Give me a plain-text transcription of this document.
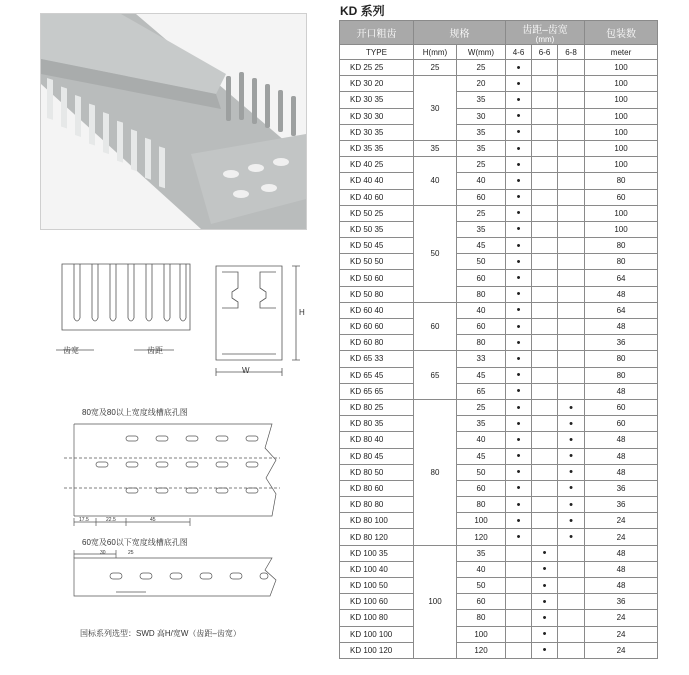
齿宽	齿距
H
W
80宽及80以上宽度线槽底孔图
17.5	22.5	45
60宽及60以下宽度线槽底孔图
30	25
国标系列选型：SWD 高H/宽W（齿距–齿宽）
KD 系列
开口粗齿	规格		齿距–齿宽
(mm)			包装数
TYPE	H(mm)	W(mm)	4-6	6-6	6-8	meter
KD 25 25	25	25	•			100
KD 30 20	30	20	•			100
KD 30 35		35	•			100
KD 30 30		30	•			100
KD 30 35		35	•			100
KD 35 35	35	35	•			100
KD 40 25	40	25	•			100
KD 40 40		40	•			80
KD 40 60		60	•			60
KD 50 25	50	25	•			100
KD 50 35		35	•			100
KD 50 45		45	•			80
KD 50 50		50	•			80
KD 50 60		60	•			64
KD 50 80		80	•			48
KD 60 40	60	40	•			64
KD 60 60		60	•			48
KD 60 80		80	•			36
KD 65 33	65	33	•			80
KD 65 45		45	•			80
KD 65 65		65	•			48
KD 80 25	80	25	•		•	60
KD 80 35		35	•		•	60
KD 80 40		40	•		•	48
KD 80 45		45	•		•	48
KD 80 50		50	•		•	48
KD 80 60		60	•		•	36
KD 80 80		80	•		•	36
KD 80 100		100	•		•	24
KD 80 120		120	•		•	24
KD 100 35	100	35		•		48
KD 100 40		40		•		48
KD 100 50		50		•		48
KD 100 60		60		•		36
KD 100 80		80		•		24
KD 100 100		100		•		24
KD 100 120		120		•		24
